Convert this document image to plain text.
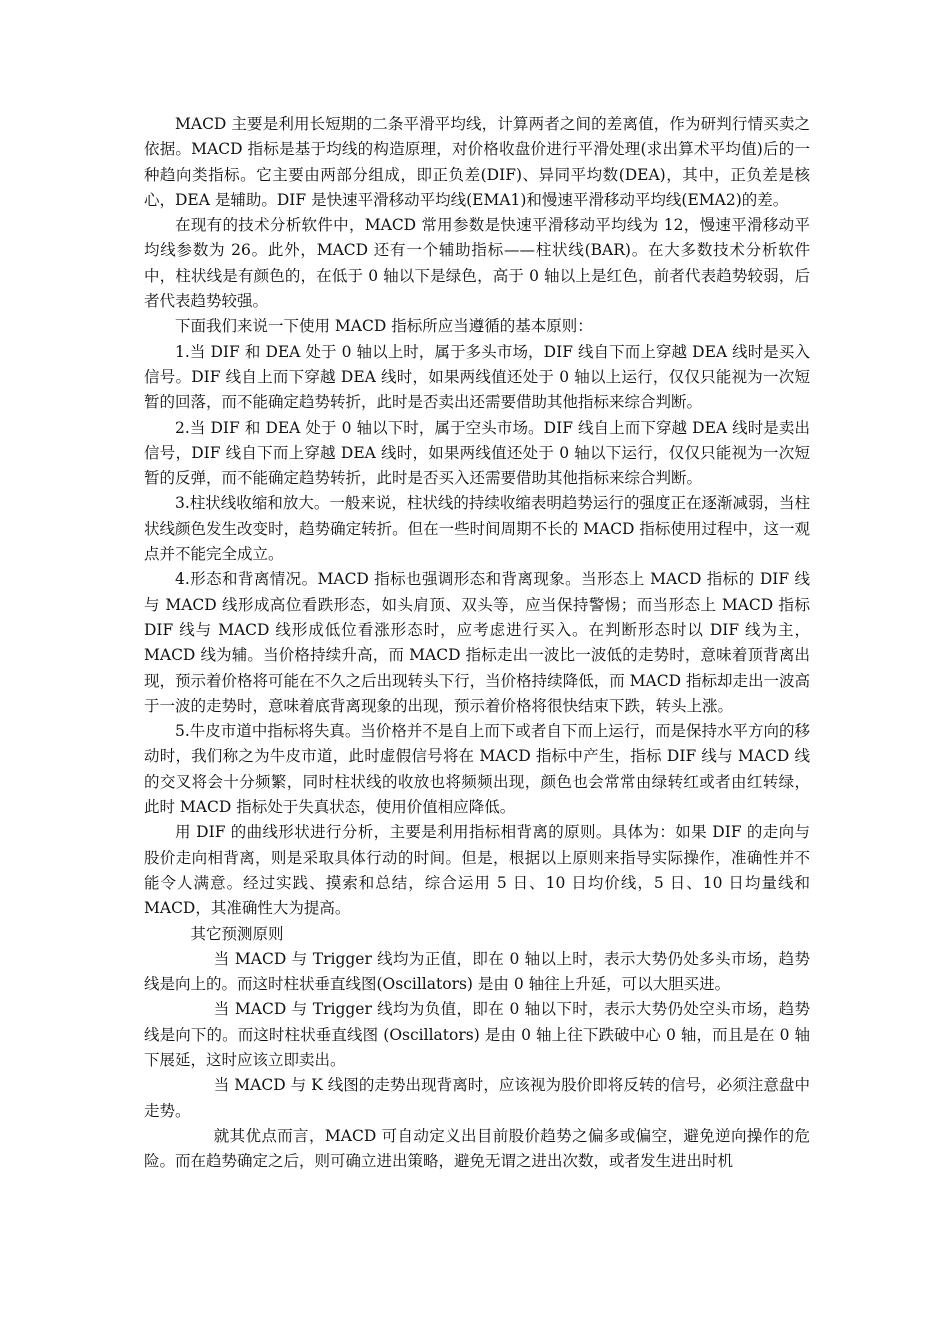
MACD 主要是利用长短期的二条平滑平均线，计算两者之间的差离值，作为研判行情买卖之依据。MACD 指标是基于均线的构造原理，对价格收盘价进行平滑处理(求出算术平均值)后的一种趋向类指标。它主要由两部分组成，即正负差(DIF)、异同平均数(DEA)，其中，正负差是核心，DEA 是辅助。DIF 是快速平滑移动平均线(EMA1)和慢速平滑移动平均线(EMA2)的差。

在现有的技术分析软件中，MACD 常用参数是快速平滑移动平均线为 12，慢速平滑移动平均线参数为 26。此外，MACD 还有一个辅助指标——柱状线(BAR)。在大多数技术分析软件中，柱状线是有颜色的，在低于 0 轴以下是绿色，高于 0 轴以上是红色，前者代表趋势较弱，后者代表趋势较强。

下面我们来说一下使用 MACD 指标所应当遵循的基本原则：

1.当 DIF 和 DEA 处于 0 轴以上时，属于多头市场，DIF 线自下而上穿越 DEA 线时是买入信号。DIF 线自上而下穿越 DEA 线时，如果两线值还处于 0 轴以上运行，仅仅只能视为一次短暂的回落，而不能确定趋势转折，此时是否卖出还需要借助其他指标来综合判断。

2.当 DIF 和 DEA 处于 0 轴以下时，属于空头市场。DIF 线自上而下穿越 DEA 线时是卖出信号，DIF 线自下而上穿越 DEA 线时，如果两线值还处于 0 轴以下运行，仅仅只能视为一次短暂的反弹，而不能确定趋势转折，此时是否买入还需要借助其他指标来综合判断。

3.柱状线收缩和放大。一般来说，柱状线的持续收缩表明趋势运行的强度正在逐渐减弱，当柱状线颜色发生改变时，趋势确定转折。但在一些时间周期不长的 MACD 指标使用过程中，这一观点并不能完全成立。

4.形态和背离情况。MACD 指标也强调形态和背离现象。当形态上 MACD 指标的 DIF 线与 MACD 线形成高位看跌形态，如头肩顶、双头等，应当保持警惕；而当形态上 MACD 指标 DIF 线与 MACD 线形成低位看涨形态时，应考虑进行买入。在判断形态时以 DIF 线为主，MACD 线为辅。当价格持续升高，而 MACD 指标走出一波比一波低的走势时，意味着顶背离出现，预示着价格将可能在不久之后出现转头下行，当价格持续降低，而 MACD 指标却走出一波高于一波的走势时，意味着底背离现象的出现，预示着价格将很快结束下跌，转头上涨。

5.牛皮市道中指标将失真。当价格并不是自上而下或者自下而上运行，而是保持水平方向的移动时，我们称之为牛皮市道，此时虚假信号将在 MACD 指标中产生，指标 DIF 线与 MACD 线的交叉将会十分频繁，同时柱状线的收放也将频频出现，颜色也会常常由绿转红或者由红转绿，此时 MACD 指标处于失真状态，使用价值相应降低。

用 DIF 的曲线形状进行分析，主要是利用指标相背离的原则。具体为：如果 DIF 的走向与股价走向相背离，则是采取具体行动的时间。但是，根据以上原则来指导实际操作，准确性并不能令人满意。经过实践、摸索和总结，综合运用 5 日、10 日均价线，5 日、10 日均量线和 MACD，其准确性大为提高。

其它预测原则

当 MACD 与 Trigger 线均为正值，即在 0 轴以上时，表示大势仍处多头市场，趋势线是向上的。而这时柱状垂直线图(Oscillators) 是由 0 轴往上升延，可以大胆买进。

当 MACD 与 Trigger 线均为负值，即在 0 轴以下时，表示大势仍处空头市场，趋势线是向下的。而这时柱状垂直线图 (Oscillators) 是由 0 轴上往下跌破中心 0 轴，而且是在 0 轴下展延，这时应该立即卖出。

当 MACD 与 K 线图的走势出现背离时，应该视为股价即将反转的信号，必须注意盘中走势。

就其优点而言，MACD 可自动定义出目前股价趋势之偏多或偏空，避免逆向操作的危险。而在趋势确定之后，则可确立进出策略，避免无谓之进出次数，或者发生进出时机
